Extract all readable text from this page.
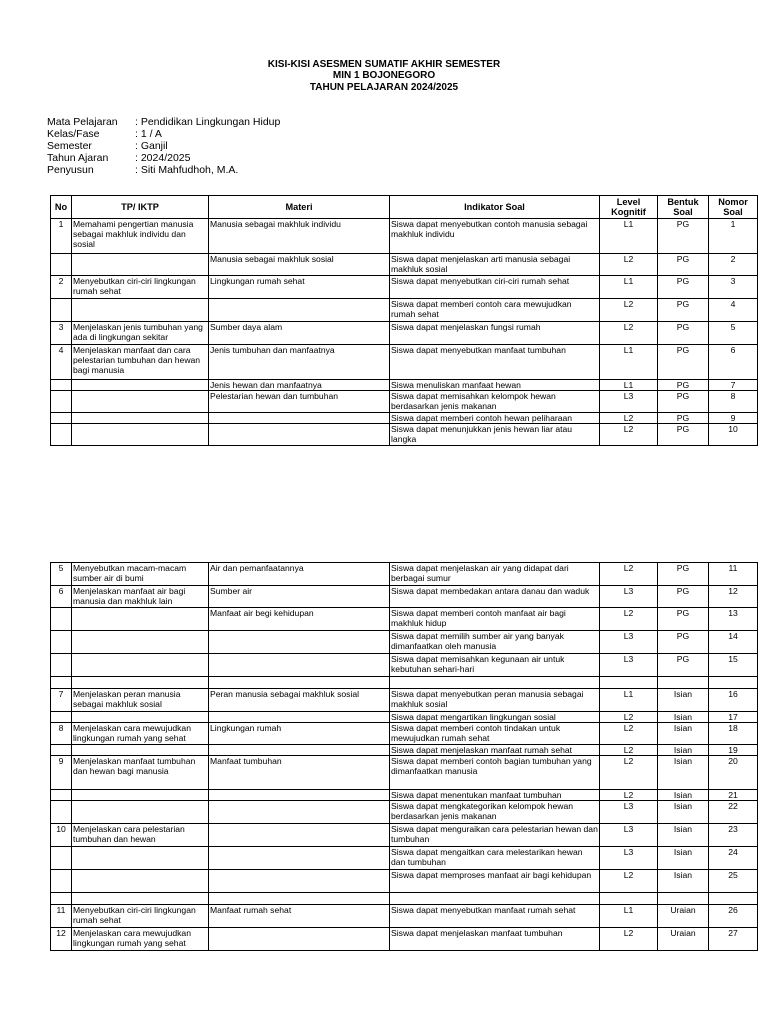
KISI-KISI ASESMEN SUMATIF AKHIR SEMESTER
MIN 1 BOJONEGORO
TAHUN PELAJARAN 2024/2025
Mata Pelajaran	: Pendidikan Lingkungan Hidup
Kelas/Fase	: 1 / A
Semester	: Ganjil
Tahun Ajaran	: 2024/2025
Penyusun	: Siti Mahfudhoh, M.A.
No	TP/ IKTP	Materi	Indikator Soal	Level Kognitif	Bentuk Soal	Nomor Soal
1	Memahami pengertian manusia sebagai makhluk individu dan sosial	Manusia sebagai makhluk individu	Siswa dapat menyebutkan contoh manusia sebagai makhluk individu	L1	PG	1
		Manusia sebagai makhluk sosial	Siswa dapat menjelaskan arti manusia sebagai makhluk sosial	L2	PG	2
2	Menyebutkan ciri-ciri lingkungan rumah sehat	Lingkungan rumah sehat	Siswa dapat menyebutkan ciri-ciri rumah sehat	L1	PG	3
			Siswa dapat memberi contoh cara mewujudkan rumah sehat	L2	PG	4
3	Menjelaskan jenis tumbuhan yang ada di lingkungan sekitar	Sumber daya alam	Siswa dapat menjelaskan fungsi rumah	L2	PG	5
4	Menjelaskan manfaat dan cara pelestarian tumbuhan dan hewan bagi manusia	Jenis tumbuhan dan manfaatnya	Siswa dapat menyebutkan manfaat tumbuhan	L1	PG	6
		Jenis hewan dan manfaatnya	Siswa menuliskan manfaat hewan	L1	PG	7
		Pelestarian hewan dan tumbuhan	Siswa dapat memisahkan kelompok hewan berdasarkan jenis makanan	L3	PG	8
			Siswa dapat memberi contoh hewan peliharaan	L2	PG	9
			Siswa dapat menunjukkan jenis hewan liar atau langka	L2	PG	10
5	Menyebutkan macam-macam sumber air di bumi	Air dan pemanfaatannya	Siswa dapat menjelaskan air yang didapat dari berbagai sumur	L2	PG	11
6	Menjelaskan manfaat air bagi manusia dan makhluk lain	Sumber air	Siswa dapat membedakan antara danau dan waduk	L3	PG	12
		Manfaat air begi kehidupan	Siswa dapat memberi contoh manfaat air bagi makhluk hidup	L2	PG	13
			Siswa dapat memilih sumber air yang banyak dimanfaatkan oleh manusia	L3	PG	14
			Siswa dapat memisahkan kegunaan air untuk kebutuhan sehari-hari	L3	PG	15

7	Menjelaskan peran manusia sebagai makhluk sosial	Peran manusia sebagai makhluk sosial	Siswa dapat menyebutkan peran manusia sebagai makhluk sosial	L1	Isian	16
			Siswa dapat mengartikan lingkungan sosial	L2	Isian	17
8	Menjelaskan cara mewujudkan lingkungan rumah yang sehat	Lingkungan rumah	Siswa dapat memberi contoh tindakan untuk mewujudkan rumah sehat	L2	Isian	18
			Siswa dapat menjelaskan manfaat rumah sehat	L2	Isian	19
9	Menjelaskan manfaat tumbuhan dan hewan bagi manusia	Manfaat tumbuhan	Siswa dapat memberi contoh bagian tumbuhan yang dimanfaatkan manusia	L2	Isian	20
			Siswa dapat menentukan manfaat tumbuhan	L2	Isian	21
			Siswa dapat mengkategorikan kelompok hewan berdasarkan jenis makanan	L3	Isian	22
10	Menjelaskan cara pelestarian tumbuhan dan hewan		Siswa dapat menguraikan cara pelestarian hewan dan tumbuhan	L3	Isian	23
			Siswa dapat mengaitkan cara melestarikan hewan dan tumbuhan	L3	Isian	24
			Siswa dapat memproses manfaat air bagi kehidupan	L2	Isian	25

11	Menyebutkan ciri-ciri lingkungan rumah sehat	Manfaat rumah sehat	Siswa dapat menyebutkan manfaat rumah sehat	L1	Uraian	26
12	Menjelaskan cara mewujudkan lingkungan rumah yang sehat		Siswa dapat menjelaskan manfaat tumbuhan	L2	Uraian	27
